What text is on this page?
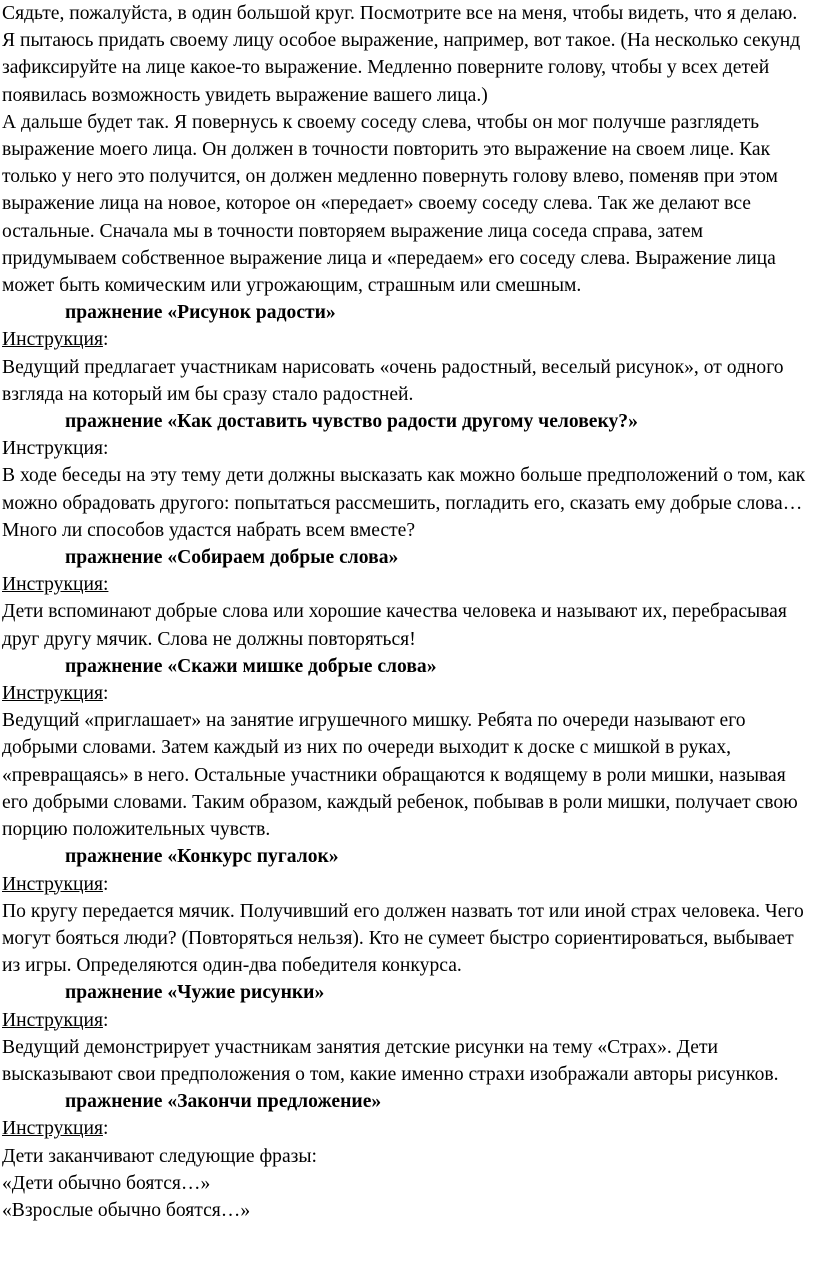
Сядьте, пожалуйста, в один большой круг. Посмотрите все на меня, чтобы видеть, что я делаю. Я пытаюсь придать своему лицу особое выражение, например, вот такое. (На несколько секунд зафиксируйте на лице какое-то выражение. Медленно поверните голову, чтобы у всех детей появилась возможность увидеть выражение вашего лица.)

А дальше будет так. Я повернусь к своему соседу слева, чтобы он мог получше разглядеть выражение моего лица. Он должен в точности повторить это выражение на своем лице. Как только у него это получится, он должен медленно повернуть голову влево, поменяв при этом выражение лица на новое, которое он «передает» своему соседу слева. Так же делают все остальные. Сначала мы в точности повторяем выражение лица соседа справа, затем придумываем собственное выражение лица и «передаем» его соседу слева. Выражение лица может быть комическим или угрожающим, страшным или смешным.

пражнение «Рисунок радости»

Инструкция:

Ведущий предлагает участникам нарисовать «очень радостный, веселый рисунок», от одного взгляда на который им бы сразу стало радостней.

пражнение «Как доставить чувство радости другому человеку?»

Инструкция:

В ходе беседы на эту тему дети должны высказать как можно больше предположений о том, как можно обрадовать другого: попытаться рассмешить, погладить его, сказать ему добрые слова… Много ли способов удастся набрать всем вместе?

пражнение «Собираем добрые слова»

Инструкция:

Дети вспоминают добрые слова или хорошие качества человека и называют их, перебрасывая друг другу мячик. Слова не должны повторяться!

пражнение «Скажи мишке добрые слова»

Инструкция:

Ведущий «приглашает» на занятие игрушечного мишку. Ребята по очереди называют его добрыми словами. Затем каждый из них по очереди выходит к доске с мишкой в руках, «превращаясь» в него. Остальные участники обращаются к водящему в роли мишки, называя его добрыми словами. Таким образом, каждый ребенок, побывав в роли мишки, получает свою порцию положительных чувств.

пражнение «Конкурс пугалок»

Инструкция:

По кругу передается мячик. Получивший его должен назвать тот или иной страх человека. Чего могут бояться люди? (Повторяться нельзя). Кто не сумеет быстро сориентироваться, выбывает из игры. Определяются один-два победителя конкурса.

пражнение «Чужие рисунки»

Инструкция:

Ведущий демонстрирует участникам занятия детские рисунки на тему «Страх». Дети высказывают свои предположения о том, какие именно страхи изображали авторы рисунков.

пражнение «Закончи предложение»

Инструкция:

Дети заканчивают следующие фразы:

«Дети обычно боятся…»

«Взрослые обычно боятся…»
